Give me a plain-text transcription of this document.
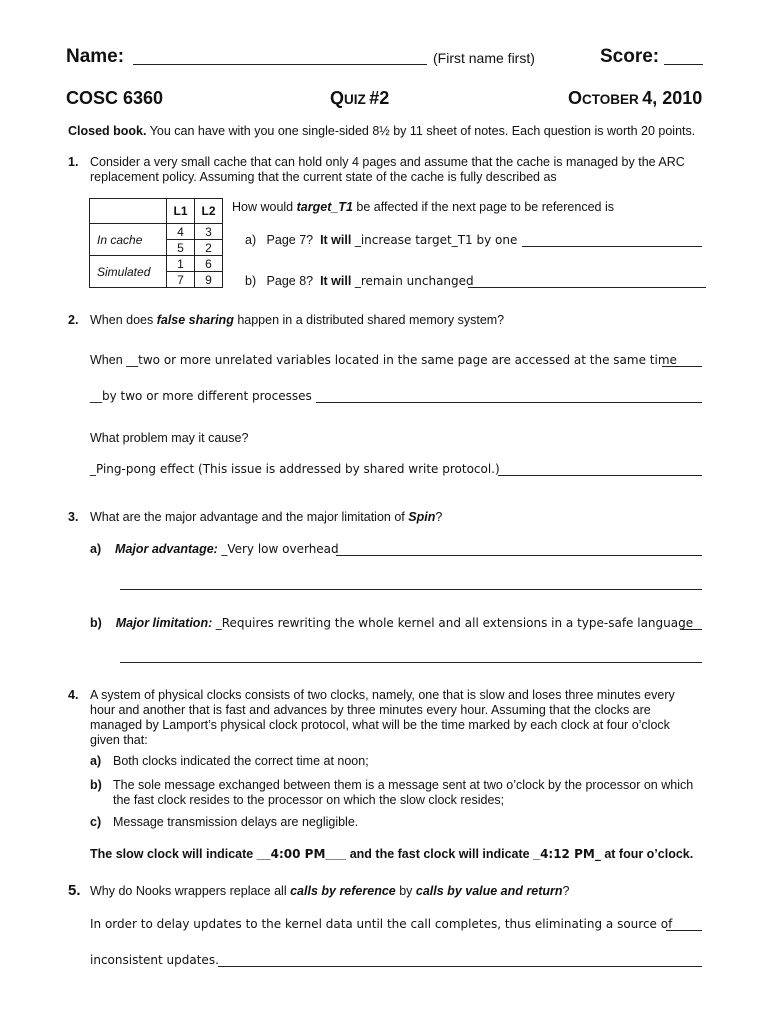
Name:	(First name first)	Score:
COSC 6360	QUIZ #2	OCTOBER 4, 2010
Closed book. You can have with you one single-sided 8½ by 11 sheet of notes. Each question is worth 20 points.
1. Consider a very small cache that can hold only 4 pages and assume that the cache is managed by the ARC
replacement policy. Assuming that the current state of the cache is fully described as
	L1	L2
In cache	4	3
	5	2
Simulated	1	6
	7	9
How would target_T1 be affected if the next page to be referenced is
a) Page 7? It will _increase target_T1 by one
b) Page 8? It will _remain unchanged
2. When does false sharing happen in a distributed shared memory system?
When __two or more unrelated variables located in the same page are accessed at the same time
__by two or more different processes
What problem may it cause?
_Ping-pong effect (This issue is addressed by shared write protocol.)
3. What are the major advantage and the major limitation of Spin?
a) Major advantage: _Very low overhead
b) Major limitation: _Requires rewriting the whole kernel and all extensions in a type-safe language
4. A system of physical clocks consists of two clocks, namely, one that is slow and loses three minutes every
hour and another that is fast and advances by three minutes every hour. Assuming that the clocks are
managed by Lamport’s physical clock protocol, what will be the time marked by each clock at four o’clock
given that:
a) Both clocks indicated the correct time at noon;
b) The sole message exchanged between them is a message sent at two o’clock by the processor on which
the fast clock resides to the processor on which the slow clock resides;
c) Message transmission delays are negligible.
The slow clock will indicate __4:00 PM___ and the fast clock will indicate _4:12 PM_ at four o’clock.
5. Why do Nooks wrappers replace all calls by reference by calls by value and return?
In order to delay updates to the kernel data until the call completes, thus eliminating a source of
inconsistent updates.
